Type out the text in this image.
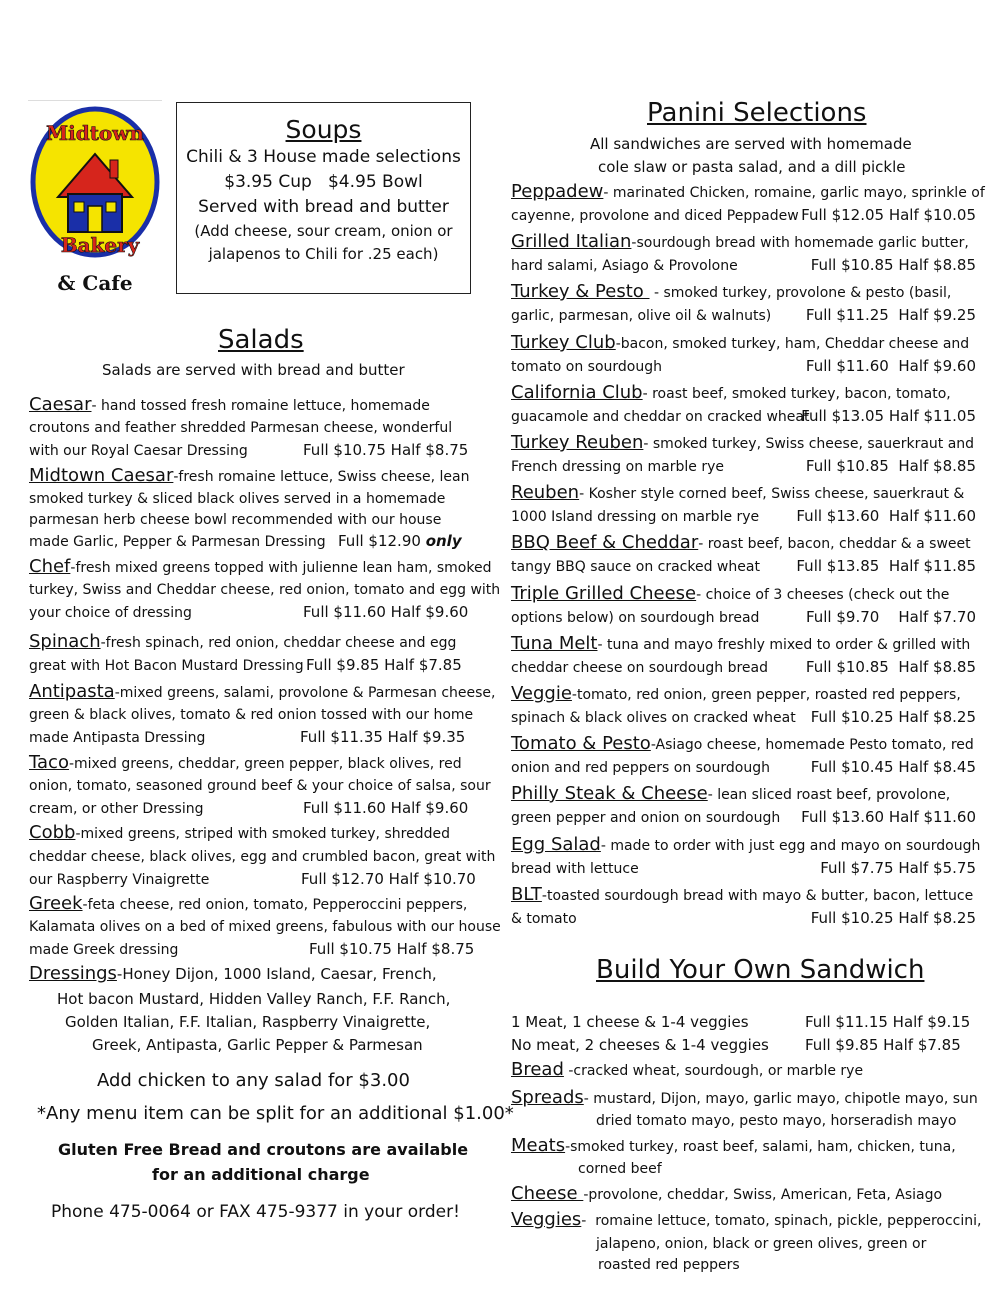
Midtown
Bakery
& Cafe
Soups
Chili & 3 House made selections
$3.95 Cup   $4.95 Bowl
Served with bread and butter
(Add cheese, sour cream, onion or
jalapenos to Chili for .25 each)
Salads
Salads are served with bread and butter
Caesar- hand tossed fresh romaine lettuce, homemade
croutons and feather shredded Parmesan cheese, wonderful
with our Royal Caesar Dressing	Full $10.75 Half $8.75
Midtown Caesar-fresh romaine lettuce, Swiss cheese, lean
smoked turkey & sliced black olives served in a homemade
parmesan herb cheese bowl recommended with our house
made Garlic, Pepper & Parmesan Dressing Full $12.90 only
Chef-fresh mixed greens topped with julienne lean ham, smoked
turkey, Swiss and Cheddar cheese, red onion, tomato and egg with
your choice of dressing	Full $11.60 Half $9.60
Spinach-fresh spinach, red onion, cheddar cheese and egg
great with Hot Bacon Mustard Dressing Full $9.85 Half $7.85
Antipasta-mixed greens, salami, provolone & Parmesan cheese,
green & black olives, tomato & red onion tossed with our home
made Antipasta Dressing	Full $11.35 Half $9.35
Taco-mixed greens, cheddar, green pepper, black olives, red
onion, tomato, seasoned ground beef & your choice of salsa, sour
cream, or other Dressing	Full $11.60 Half $9.60
Cobb-mixed greens, striped with smoked turkey, shredded
cheddar cheese, black olives, egg and crumbled bacon, great with
our Raspberry Vinaigrette	Full $12.70 Half $10.70
Greek-feta cheese, red onion, tomato, Pepperoccini peppers,
Kalamata olives on a bed of mixed greens, fabulous with our house
made Greek dressing	Full $10.75 Half $8.75
Dressings-Honey Dijon, 1000 Island, Caesar, French,
Hot bacon Mustard, Hidden Valley Ranch, F.F. Ranch,
Golden Italian, F.F. Italian, Raspberry Vinaigrette,
Greek, Antipasta, Garlic Pepper & Parmesan
Add chicken to any salad for $3.00
*Any menu item can be split for an additional $1.00*
Gluten Free Bread and croutons are available
for an additional charge
Phone 475-0064 or FAX 475-9377 in your order!
Panini Selections
All sandwiches are served with homemade
cole slaw or pasta salad, and a dill pickle
Peppadew- marinated Chicken, romaine, garlic mayo, sprinkle of
cayenne, provolone and diced Peppadew Full $12.05 Half $10.05
Grilled Italian-sourdough bread with homemade garlic butter,
hard salami, Asiago & Provolone	Full $10.85 Half $8.85
Turkey & Pesto  - smoked turkey, provolone & pesto (basil,
garlic, parmesan, olive oil & walnuts) Full $11.25  Half $9.25
Turkey Club-bacon, smoked turkey, ham, Cheddar cheese and
tomato on sourdough	Full $11.60  Half $9.60
California Club- roast beef, smoked turkey, bacon, tomato,
guacamole and cheddar on cracked wheat
Full $13.05 Half $11.05
Turkey Reuben- smoked turkey, Swiss cheese, sauerkraut and
French dressing on marble rye	Full $10.85  Half $8.85
Reuben- Kosher style corned beef, Swiss cheese, sauerkraut &
1000 Island dressing on marble rye Full $13.60  Half $11.60
BBQ Beef & Cheddar- roast beef, bacon, cheddar & a sweet
tangy BBQ sauce on cracked wheat Full $13.85  Half $11.85
Triple Grilled Cheese- choice of 3 cheeses (check out the
options below) on sourdough bread	Full $9.70    Half $7.70
Tuna Melt- tuna and mayo freshly mixed to order & grilled with
cheddar cheese on sourdough bread	Full $10.85  Half $8.85
Veggie-tomato, red onion, green pepper, roasted red peppers,
spinach & black olives on cracked wheat Full $10.25 Half $8.25
Tomato & Pesto-Asiago cheese, homemade Pesto tomato, red
onion and red peppers on sourdough	Full $10.45 Half $8.45
Philly Steak & Cheese- lean sliced roast beef, provolone,
green pepper and onion on sourdough Full $13.60 Half $11.60
Egg Salad- made to order with just egg and mayo on sourdough
bread with lettuce	Full $7.75 Half $5.75
BLT-toasted sourdough bread with mayo & butter, bacon, lettuce
& tomato	Full $10.25 Half $8.25
Build Your Own Sandwich
1 Meat, 1 cheese & 1-4 veggies	Full $11.15 Half $9.15
No meat, 2 cheeses & 1-4 veggies Full $9.85 Half $7.85
Bread -cracked wheat, sourdough, or marble rye
Spreads- mustard, Dijon, mayo, garlic mayo, chipotle mayo, sun
dried tomato mayo, pesto mayo, horseradish mayo
Meats-smoked turkey, roast beef, salami, ham, chicken, tuna,
corned beef
Cheese -provolone, cheddar, Swiss, American, Feta, Asiago
Veggies-  romaine lettuce, tomato, spinach, pickle, pepperoccini,
jalapeno, onion, black or green olives, green or
roasted red peppers
